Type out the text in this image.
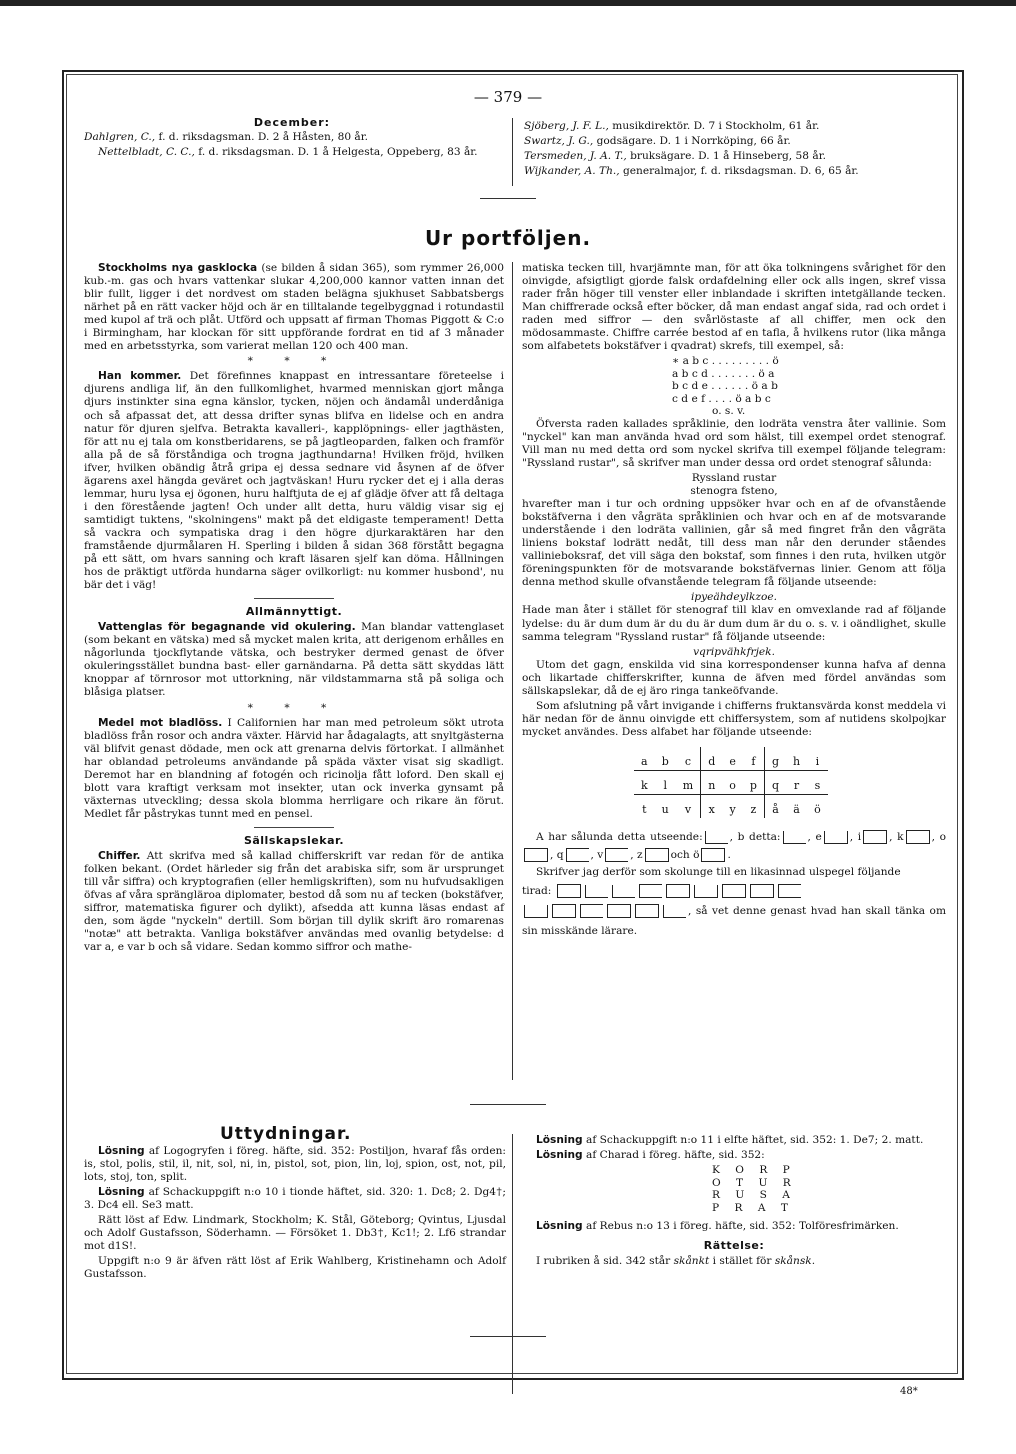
— 379 —
December:

Dahlgren, C., f. d. riksdagsman. D. 2 å Håsten, 80 år.

Nettelbladt, C. C., f. d. riksdagsman. D. 1 å Helgesta, Oppeberg, 83 år.

Sjöberg, J. F. L., musikdirektör. D. 7 i Stockholm, 61 år.

Swartz, J. G., godsägare. D. 1 i Norrköping, 66 år.

Tersmeden, J. A. T., bruksägare. D. 1 å Hinseberg, 58 år.

Wijkander, A. Th., generalmajor, f. d. riksdagsman. D. 6, 65 år.

Ur portföljen.

Stockholms nya gasklocka (se bilden å sidan 365), som rymmer 26,000 kub.-m. gas och hvars vattenkar slukar 4,200,000 kannor vatten innan det blir fullt, ligger i det nordvest om staden belägna sjukhuset Sabbatsbergs närhet på en rätt vacker höjd och är en tilltalande tegelbyggnad i rotundastil med kupol af trä och plåt. Utförd och uppsatt af firman Thomas Piggott & C:o i Birmingham, har klockan för sitt uppförande fordrat en tid af 3 månader med en arbetsstyrka, som varierat mellan 120 och 400 man.

* * *

Han kommer. Det förefinnes knappast en intressantare företeelse i djurens andliga lif, än den fullkomlighet, hvarmed menniskan gjort många djurs instinkter sina egna känslor, tycken, nöjen och ändamål underdåniga och så afpassat det, att dessa drifter synas blifva en lidelse och en andra natur för djuren sjelfva. Betrakta kavalleri-, kapplöpnings- eller jagthästen, för att nu ej tala om konstberidarens, se på jagtleoparden, falken och framför alla på de så förståndiga och trogna jagthundarna! Hvilken fröjd, hvilken ifver, hvilken obändig åtrå gripa ej dessa sednare vid åsynen af de öfver ägarens axel hängda geväret och jagtväskan! Huru rycker det ej i alla deras lemmar, huru lysa ej ögonen, huru halftjuta de ej af glädje öfver att få deltaga i den förestående jagten! Och under allt detta, huru väldig visar sig ej samtidigt tuktens, "skolningens" makt på det eldigaste temperament! Detta så vackra och sympatiska drag i den högre djurkaraktären har den framstående djurmålaren H. Sperling i bilden å sidan 368 förstått begagna på ett sätt, om hvars sanning och kraft läsaren sjelf kan döma. Hållningen hos de präktigt utförda hundarna säger ovilkorligt: nu kommer husbond', nu bär det i väg!

Allmännyttigt.

Vattenglas för begagnande vid okulering. Man blandar vattenglaset (som bekant en vätska) med så mycket malen krita, att derigenom erhålles en någorlunda tjockflytande vätska, och bestryker dermed genast de öfver okuleringsstället bundna bast- eller garnändarna. På detta sätt skyddas lätt knoppar af törnrosor mot uttorkning, när vildstammarna stå på soliga och blåsiga platser.

* * *

Medel mot bladlöss. I Californien har man med petroleum sökt utrota bladlöss från rosor och andra växter. Härvid har ådagalagts, att snyltgästerna väl blifvit genast dödade, men ock att grenarna delvis förtorkat. I allmänhet har oblandad petroleums användande på späda växter visat sig skadligt. Deremot har en blandning af fotogén och ricinolja fått loford. Den skall ej blott vara kraftigt verksam mot insekter, utan ock inverka gynsamt på växternas utveckling; dessa skola blomma herrligare och rikare än förut. Medlet får påstrykas tunnt med en pensel.

Sällskapslekar.

Chiffer. Att skrifva med så kallad chifferskrift var redan för de antika folken bekant. (Ordet härleder sig från det arabiska sifr, som är ursprunget till vår siffra) och kryptografien (eller hemligskriften), som nu hufvudsakligen öfvas af våra sprängläroa diplomater, bestod då som nu af tecken (bokstäfver, siffror, matematiska figurer och dylikt), afsedda att kunna läsas endast af den, som ägde "nyckeln" dertill. Som början till dylik skrift äro romarenas "notæ" att betrakta. Vanliga bokstäfver användas med ovanlig betydelse: d var a, e var b och så vidare. Sedan kommo siffror och mathe-

matiska tecken till, hvarjämnte man, för att öka tolkningens svårighet för den oinvigde, afsigtligt gjorde falsk ordafdelning eller ock alls ingen, skref vissa rader från höger till venster eller inblandade i skriften intetgällande tecken. Man chiffrerade också efter böcker, då man endast angaf sida, rad och ordet i raden med siffror — den svårlöstaste af all chiffer, men ock den mödosammaste. Chiffre carrée bestod af en tafla, å hvilkens rutor (lika många som alfabetets bokstäfver i qvadrat) skrefs, till exempel, så:

∗ a b c . . . . . . . . . ö
a b c d . . . . . . . ö a
b c d e . . . . . . ö a b
c d e f . . . . ö a b c
o. s. v.

Öfversta raden kallades språklinie, den lodräta venstra åter vallinie. Som "nyckel" kan man använda hvad ord som hälst, till exempel ordet stenograf. Vill man nu med detta ord som nyckel skrifva till exempel följande telegram: "Ryssland rustar", så skrifver man under dessa ord ordet stenograf sålunda:

Ryssland rustar
stenogra fsteno,

hvarefter man i tur och ordning uppsöker hvar och en af de ofvanstående bokstäfverna i den vågräta språklinien och hvar och en af de motsvarande understående i den lodräta vallinien, går så med fingret från den vågräta liniens bokstaf lodrätt nedåt, till dess man når den derunder ståendes vallinieboksraf, det vill säga den bokstaf, som finnes i den ruta, hvilken utgör föreningspunkten för de motsvarande bokstäfvernas linier. Genom att följa denna method skulle ofvanstående telegram få följande utseende:

ipyeähdeylkzoe.

Hade man åter i stället för stenograf till klav en omvexlande rad af följande lydelse: du är dum dum är du du är dum dum är du o. s. v. i oändlighet, skulle samma telegram "Ryssland rustar" få följande utseende:

vqripvähkfrjek.

Utom det gagn, enskilda vid sina korrespondenser kunna hafva af denna och likartade chifferskrifter, kunna de äfven med fördel användas som sällskapslekar, då de ej äro ringa tankeöfvande.

Som afslutning på vårt invigande i chifferns fruktansvärda konst meddela vi här nedan för de ännu oinvigde ett chiffersystem, som af nutidens skolpojkar mycket användes. Dess alfabet har följande utseende:

a	b	c	d	e	f	g	h	i
k	l	m	n	o	p	q	r	s
t	u	v	x	y	z	å	ä	ö

A har sålunda detta utseende:	, b detta:	, e	, i	, k	, o, q	, v	, z	och ö	.

Skrifver jag derför som skolunge till en likasinnad ulspegel följande

tirad:
, så vet denne genast hvad han skall tänka om sin misskände lärare.
Uttydningar.

Lösning af Logogryfen i föreg. häfte, sid. 352: Postiljon, hvaraf fås orden: is, stol, polis, stil, il, nit, sol, ni, in, pistol, sot, pion, lin, loj, spion, ost, not, pil, lots, stoj, ton, split.

Lösning af Schackuppgift n:o 10 i tionde häftet, sid. 320: 1. Dc8; 2. Dg4†; 3. Dc4 ell. Se3 matt.

Rätt löst af Edw. Lindmark, Stockholm; K. Stål, Göteborg; Qvintus, Ljusdal och Adolf Gustafsson, Söderhamn. — Försöket 1. Db3†, Kc1!; 2. Lf6 strandar mot d1S!.

Uppgift n:o 9 är äfven rätt löst af Erik Wahlberg, Kristinehamn och Adolf Gustafsson.

Lösning af Schackuppgift n:o 11 i elfte häftet, sid. 352: 1. De7; 2. matt.

Lösning af Charad i föreg. häfte, sid. 352:

K O R P
O T U R
R U S A
P R A T

Lösning af Rebus n:o 13 i föreg. häfte, sid. 352: Tolföresfrimärken.

Rättelse:

I rubriken å sid. 342 står skånkt i stället för skånsk.

48*
